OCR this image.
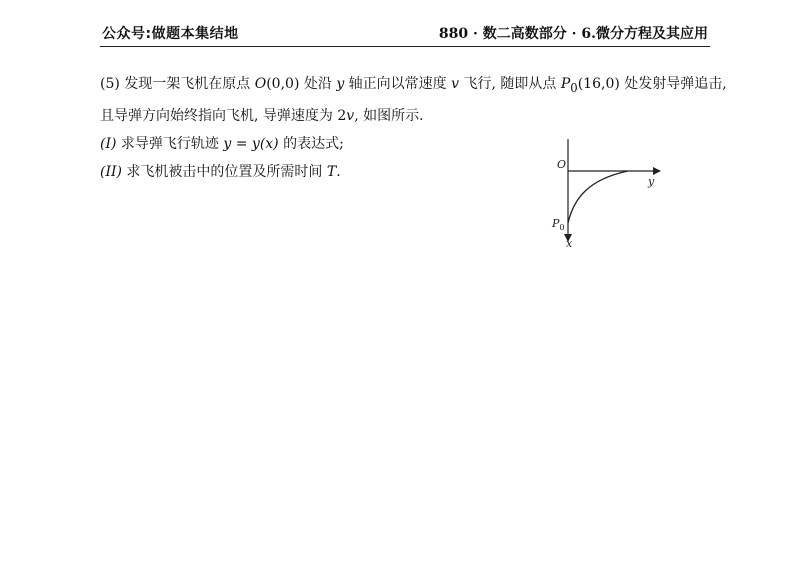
公众号:做题本集结地	880 · 数二高数部分 · 6.微分方程及其应用
(5) 发现一架飞机在原点 O(0,0) 处沿 y 轴正向以常速度 v 飞行, 随即从点 $P_0(16,0)$ 处发射导弹追击,
且导弹方向始终指向飞机, 导弹速度为 2v, 如图所示.
(I) 求导弹飞行轨迹 y = y(x) 的表达式;
(II) 求飞机被击中的位置及所需时间 T.	O
y
x
$P_0$
